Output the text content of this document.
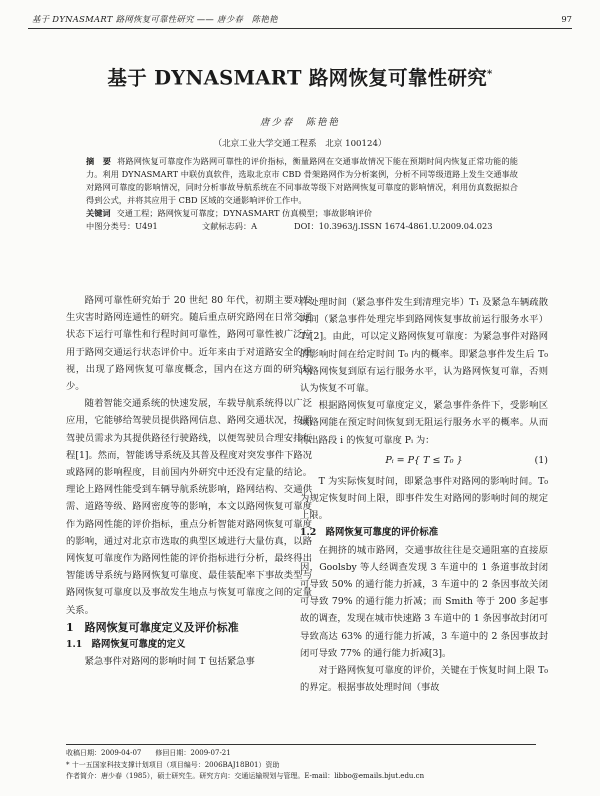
基于 DYNASMART 路网恢复可靠性研究 —— 唐少春　陈艳艳	97
基于 DYNASMART 路网恢复可靠性研究*
唐少春　陈艳艳
（北京工业大学交通工程系　北京 100124）

摘　要 将路网恢复可靠度作为路网可靠性的评价指标，衡量路网在交通事故情况下能在预期时间内恢复正常功能的能力。利用 DYNASMART 中联仿真软件，选取北京市 CBD 骨架路网作为分析案例，分析不同等级道路上发生交通事故对路网可靠度的影响情况，同时分析事故导航系统在不同事故等级下对路网恢复可靠度的影响情况，利用仿真数据拟合得到公式，并将其应用于 CBD 区域的交通影响评价工作中。

关键词 交通工程；路网恢复可靠度；DYNASMART 仿真模型；事故影响评价

中图分类号：U491	文献标志码：A	DOI：10.3963/j.ISSN 1674-4861.U.2009.04.023

路网可靠性研究始于 20 世纪 80 年代，初期主要对发生灾害时路网连通性的研究。随后重点研究路网在日常交通状态下运行可靠性和行程时间可靠性，路网可靠性被广泛应用于路网交通运行状态评价中。近年来由于对道路安全的重视，出现了路网恢复可靠度概念，国内在这方面的研究较少。

随着智能交通系统的快速发展，车载导航系统得以广泛应用，它能够给驾驶员提供路网信息、路网交通状况，按照驾驶员需求为其提供路径行驶路线，以便驾驶员合理安排行程[1]。然而，智能诱导系统及其普及程度对突发事件下路况或路网的影响程度，目前国内外研究中还没有定量的结论。理论上路网性能受到车辆导航系统影响，路网结构、交通供需、道路等级、路网密度等的影响，本文以路网恢复可靠度作为路网性能的评价指标，重点分析智能对路网恢复可靠度的影响，通过对北京市选取的典型区域进行大量仿真，以路网恢复可靠度作为路网性能的评价指标进行分析，最终得出智能诱导系统与路网恢复可靠度、最佳装配率下事故类型与路网恢复可靠度以及事故发生地点与恢复可靠度之间的定量关系。

1　路网恢复可靠度定义及评价标准

1.1　路网恢复可靠度的定义

紧急事件对路网的影响时间 T 包括紧急事

件处理时间（紧急事件发生到清理完毕）T₁ 及紧急车辆疏散时间（紧急事件处理完毕到路网恢复事故前运行服务水平）T₂[2]。由此，可以定义路网恢复可靠度：为紧急事件对路网的影响时间在给定时间 T₀ 内的概率。即紧急事件发生后 T₀ 内路网恢复到原有运行服务水平，认为路网恢复可靠，否则认为恢复不可靠。

根据路网恢复可靠度定义，紧急事件条件下，受影响区域路网能在预定时间恢复到无阻运行服务水平的概率。从而得出路段 i 的恢复可靠度 Pᵢ 为：

Pᵢ = P{ T ≤ T₀ }	(1)

T 为实际恢复时间，即紧急事件对路网的影响时间。T₀ 为规定恢复时间上限，即事件发生对路网的影响时间的规定上限。

1.2　路网恢复可靠度的评价标准

在拥挤的城市路网，交通事故往往是交通阻塞的直接原因，Goolsby 等人经调查发现 3 车道中的 1 条道事故封闭可导致 50% 的通行能力折减，3 车道中的 2 条因事故关闭可导致 79% 的通行能力折减；而 Smith 等于 200 多起事故的调查，发现在城市快速路 3 车道中的 1 条因事故封闭可导致高达 63% 的通行能力折减，3 车道中的 2 条因事故封闭可导致 77% 的通行能力折减[3]。

对于路网恢复可靠度的评价，关键在于恢复时间上限 T₀ 的界定。根据事故处理时间（事故

收稿日期：2009-04-07　　修回日期：2009-07-21
* 十一五国家科技支撑计划项目（项目编号：2006BAJ18B01）资助
作者简介：唐少春（1985），硕士研究生。研究方向：交通运输规划与管理。E-mail：libbo@emails.bjut.edu.cn
